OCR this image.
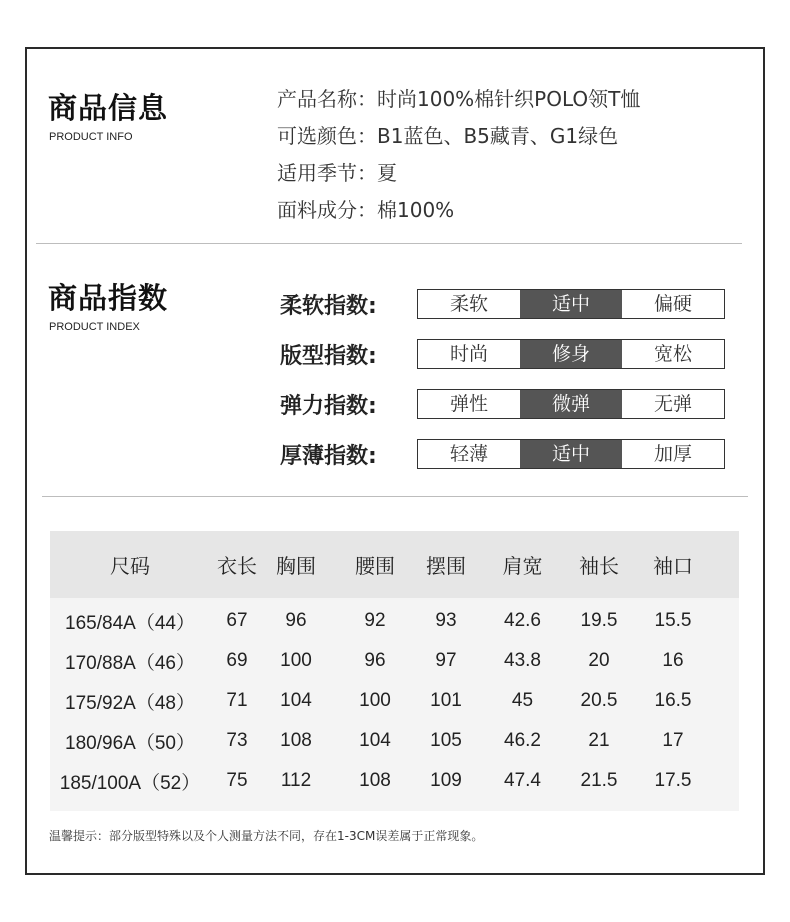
商品信息
PRODUCT INFO
产品名称：时尚100%棉针织POLO领T恤
可选颜色：B1蓝色、B5藏青、G1绿色
适用季节：夏
面料成分：棉100%
商品指数
PRODUCT INDEX
柔软指数:	柔软	适中	偏硬
版型指数:	时尚	修身	宽松
弹力指数:	弹性	微弹	无弹
厚薄指数:	轻薄	适中	加厚
尺码	衣长 胸围	腰围	摆围	肩宽	袖长	袖口
165/84A（44）	67	96	92	93	42.6	19.5	15.5
170/88A（46）	69	100	96	97	43.8	20	16
175/92A（48）	71	104	100	101	45	20.5	16.5
180/96A（50）	73	108	104	105	46.2	21	17
185/100A（52）	75	112	108	109	47.4	21.5	17.5
温馨提示：部分版型特殊以及个人测量方法不同，存在1-3CM误差属于正常现象。
